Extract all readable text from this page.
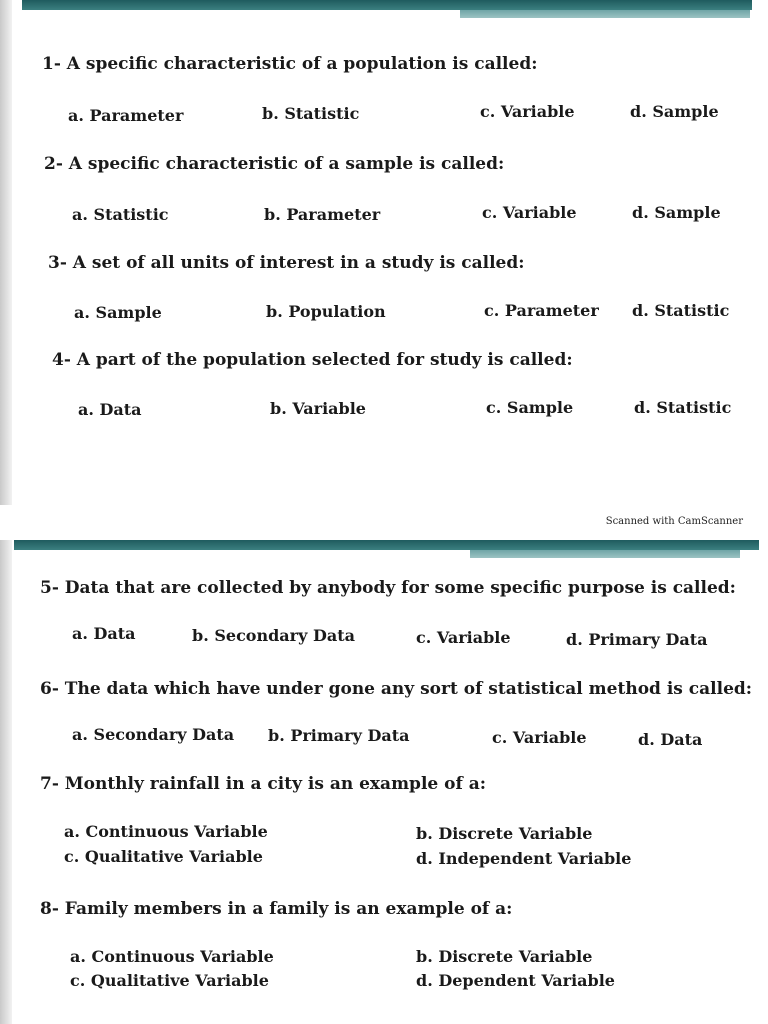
1- A specific characteristic of a population is called:
a. Parameter	b. Statistic	c. Variable	d. Sample
2- A specific characteristic of a sample is called:
a. Statistic	b. Parameter	c. Variable	d. Sample
3- A set of all units of interest in a study is called:
a. Sample	b. Population	c. Parameter d. Statistic
4- A part of the population selected for study is called:
a. Data	b. Variable	c. Sample	d. Statistic
Scanned with CamScanner
5- Data that are collected by anybody for some specific purpose is called:
a. Data	b. Secondary Data	c. Variable	d. Primary Data
6- The data which have under gone any sort of statistical method is called:
a. Secondary Data b. Primary Data	c. Variable	d. Data
7- Monthly rainfall in a city is an example of a:
a. Continuous Variable	b. Discrete Variable
c. Qualitative Variable	d. Independent Variable
8- Family members in a family is an example of a:
a. Continuous Variable	b. Discrete Variable
c. Qualitative Variable	d. Dependent Variable
